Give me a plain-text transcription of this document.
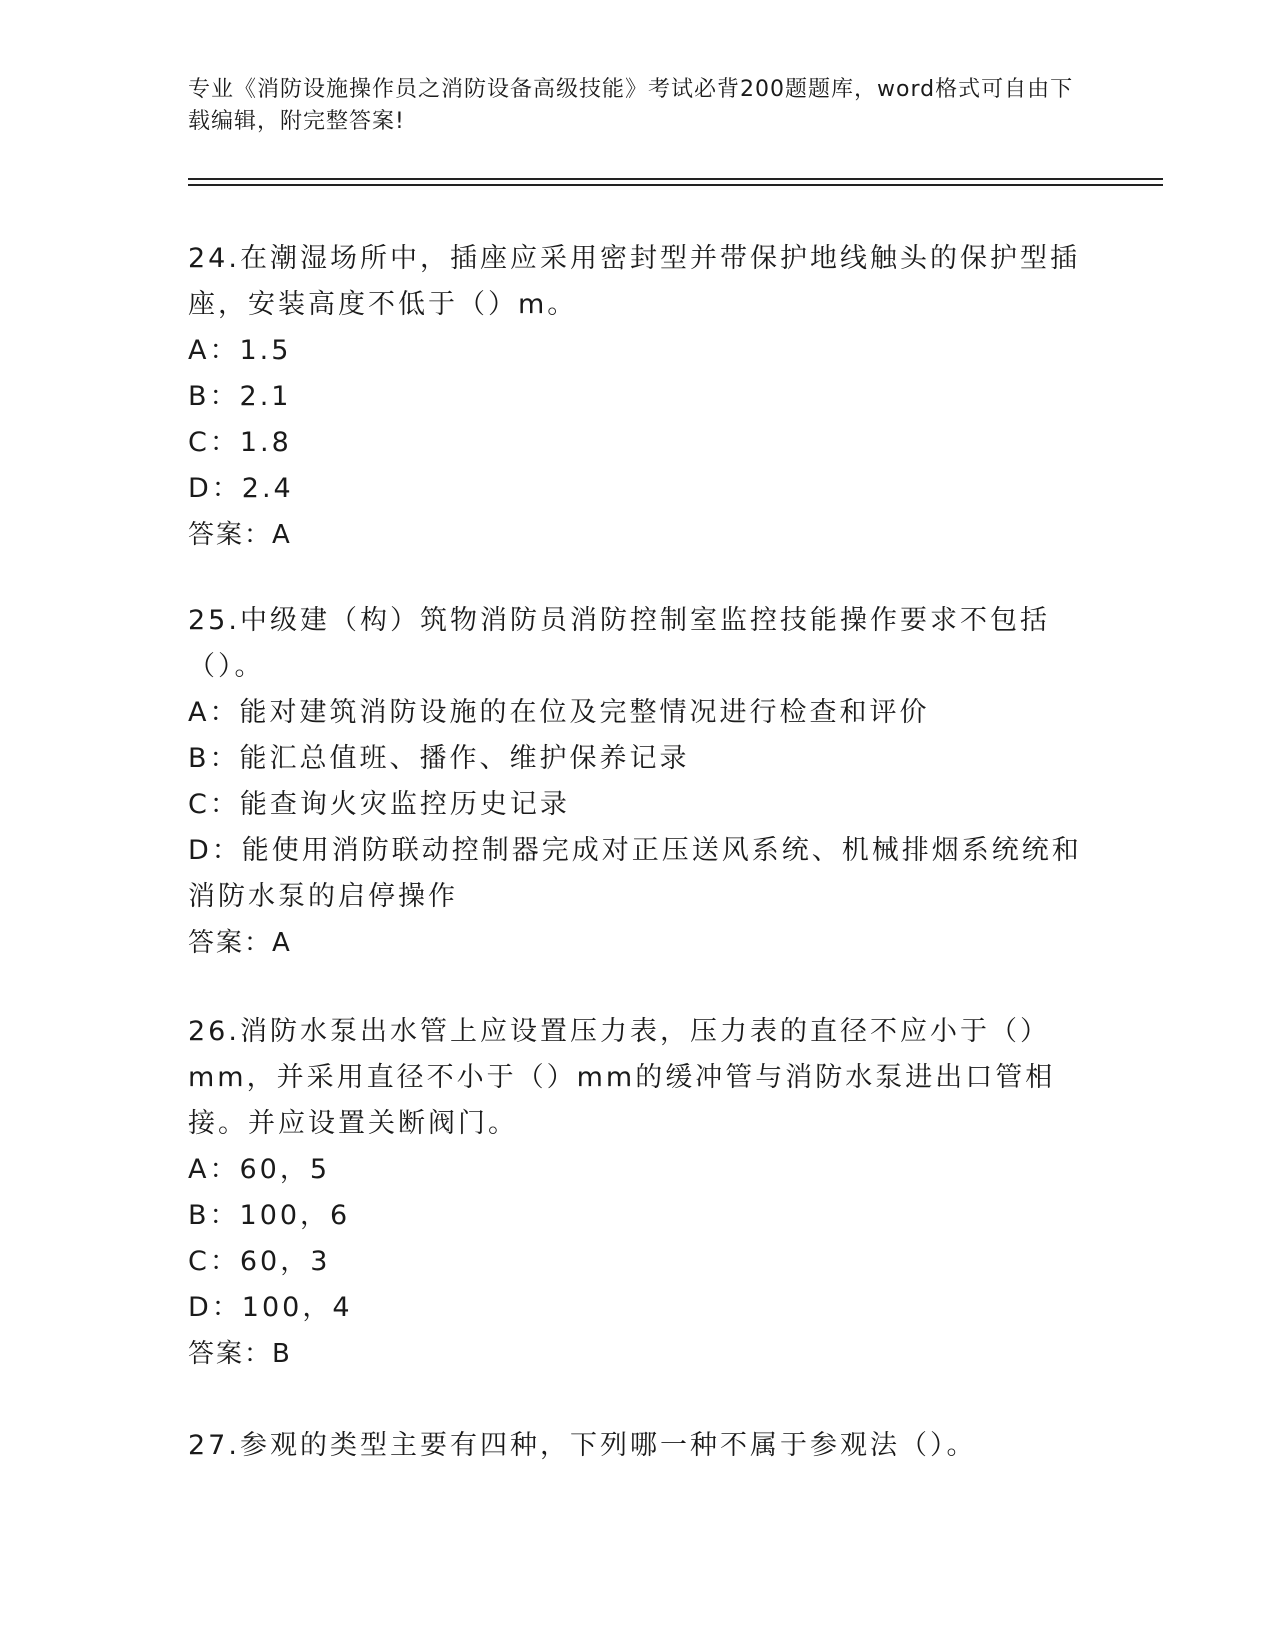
专业《消防设施操作员之消防设备高级技能》考试必背200题题库，word格式可自由下载编辑，附完整答案!
24.在潮湿场所中，插座应采用密封型并带保护地线触头的保护型插座，安装高度不低于（）m。
A：1.5
B：2.1
C：1.8
D：2.4
答案：A
25.中级建（构）筑物消防员消防控制室监控技能操作要求不包括（）。
A：能对建筑消防设施的在位及完整情况进行检查和评价
B：能汇总值班、播作、维护保养记录
C：能查询火灾监控历史记录
D：能使用消防联动控制器完成对正压送风系统、机械排烟系统统和消防水泵的启停操作
答案：A
26.消防水泵出水管上应设置压力表，压力表的直径不应小于（）mm，并采用直径不小于（）mm的缓冲管与消防水泵进出口管相接。并应设置关断阀门。
A：60，5
B：100，6
C：60，3
D：100，4
答案：B
27.参观的类型主要有四种，下列哪一种不属于参观法（）。
